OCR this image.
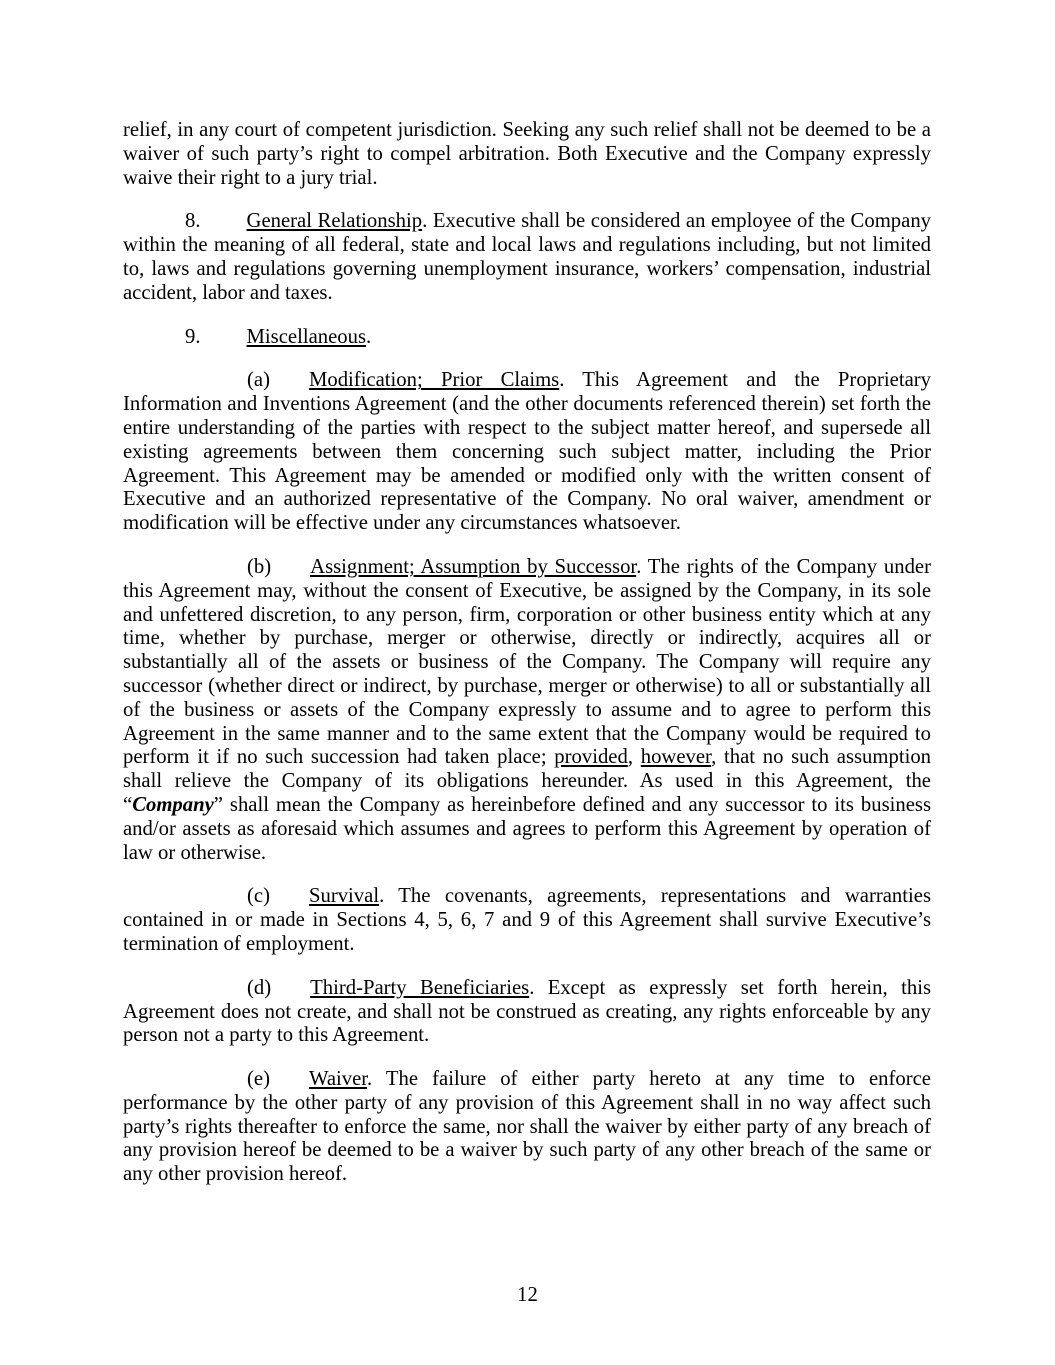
relief, in any court of competent jurisdiction. Seeking any such relief shall not be deemed to be a waiver of such party’s right to compel arbitration. Both Executive and the Company expressly waive their right to a jury trial.

8. General Relationship. Executive shall be considered an employee of the Company within the meaning of all federal, state and local laws and regulations including, but not limited to, laws and regulations governing unemployment insurance, workers’ compensation, industrial accident, labor and taxes.

9. Miscellaneous.

(a) Modification; Prior Claims. This Agreement and the Proprietary Information and Inventions Agreement (and the other documents referenced therein) set forth the entire understanding of the parties with respect to the subject matter hereof, and supersede all existing agreements between them concerning such subject matter, including the Prior Agreement. This Agreement may be amended or modified only with the written consent of Executive and an authorized representative of the Company. No oral waiver, amendment or modification will be effective under any circumstances whatsoever.

(b) Assignment; Assumption by Successor. The rights of the Company under this Agreement may, without the consent of Executive, be assigned by the Company, in its sole and unfettered discretion, to any person, firm, corporation or other business entity which at any time, whether by purchase, merger or otherwise, directly or indirectly, acquires all or substantially all of the assets or business of the Company. The Company will require any successor (whether direct or indirect, by purchase, merger or otherwise) to all or substantially all of the business or assets of the Company expressly to assume and to agree to perform this Agreement in the same manner and to the same extent that the Company would be required to perform it if no such succession had taken place; provided, however, that no such assumption shall relieve the Company of its obligations hereunder. As used in this Agreement, the “Company” shall mean the Company as hereinbefore defined and any successor to its business and/or assets as aforesaid which assumes and agrees to perform this Agreement by operation of law or otherwise.

(c) Survival. The covenants, agreements, representations and warranties contained in or made in Sections 4, 5, 6, 7 and 9 of this Agreement shall survive Executive’s termination of employment.

(d) Third-Party Beneficiaries. Except as expressly set forth herein, this Agreement does not create, and shall not be construed as creating, any rights enforceable by any person not a party to this Agreement.

(e) Waiver. The failure of either party hereto at any time to enforce performance by the other party of any provision of this Agreement shall in no way affect such party’s rights thereafter to enforce the same, nor shall the waiver by either party of any breach of any provision hereof be deemed to be a waiver by such party of any other breach of the same or any other provision hereof.

12
